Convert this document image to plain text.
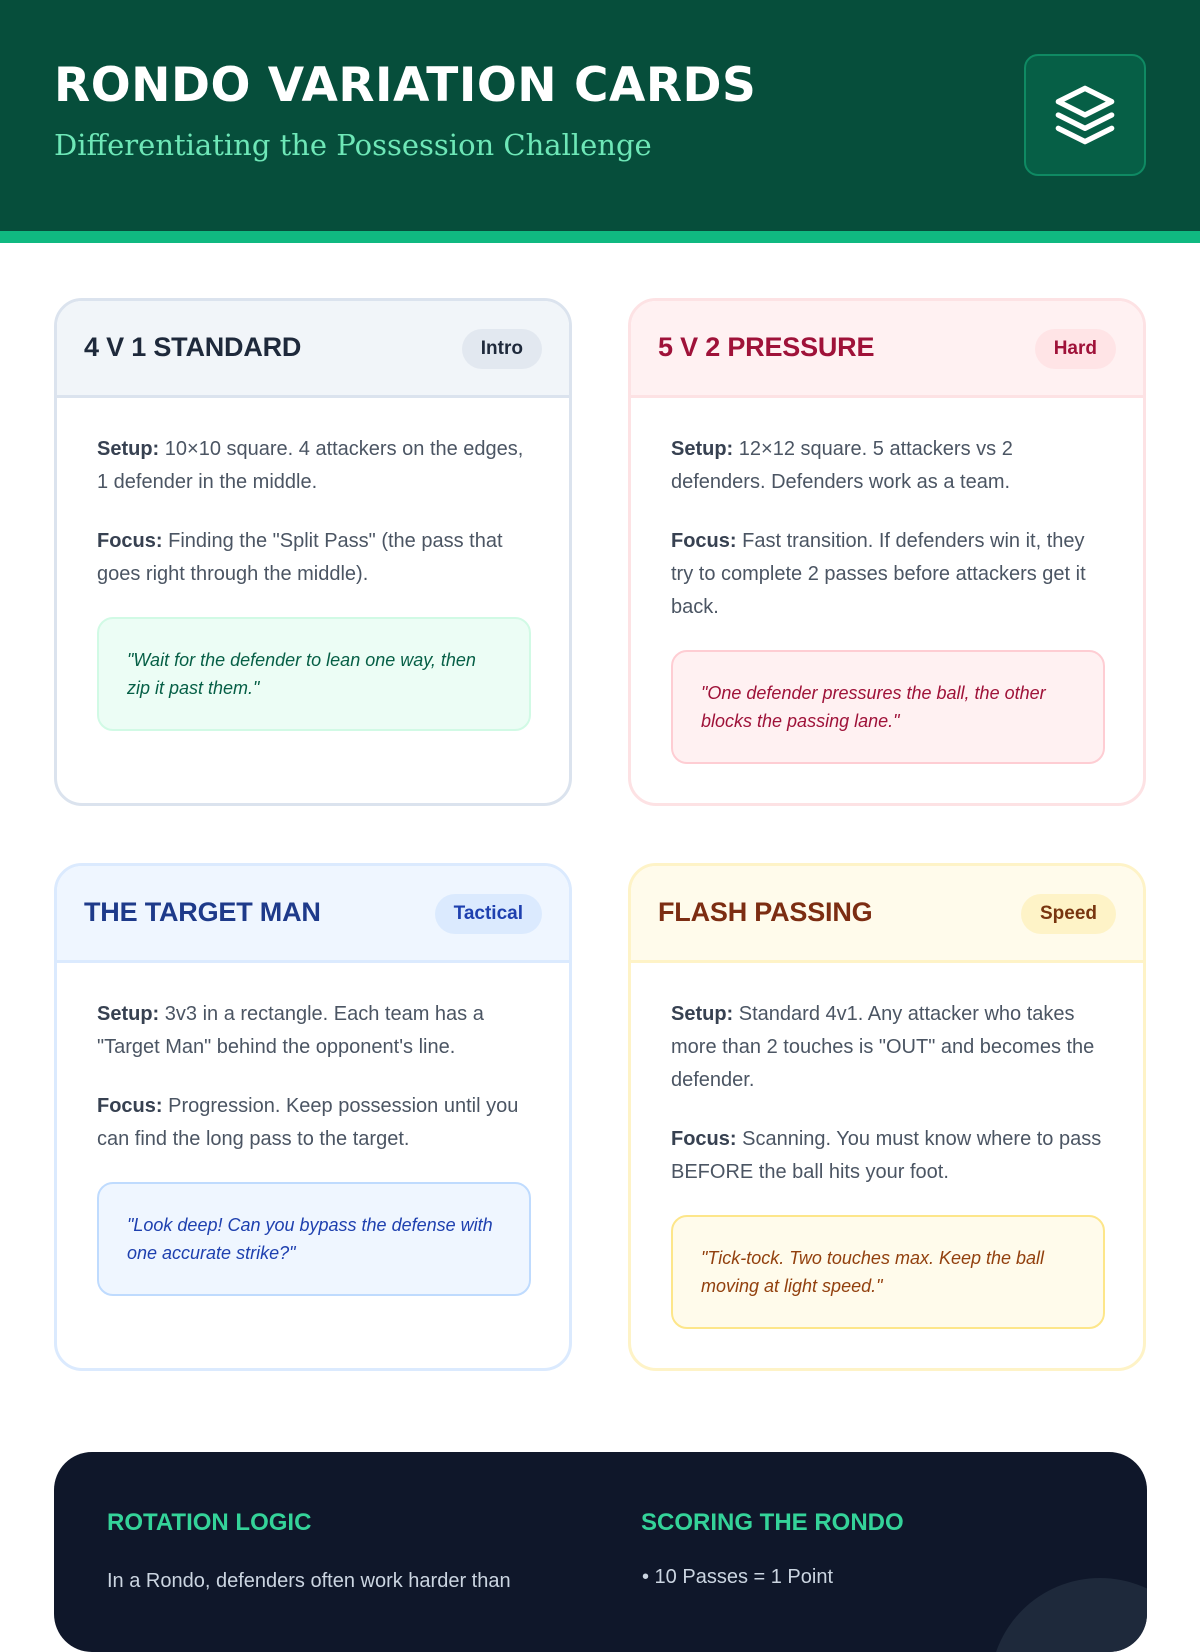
RONDO VARIATION CARDS
Differentiating the Possession Challenge
4 V 1 STANDARD	Intro

Setup: 10×10 square. 4 attackers on the edges, 1 defender in the middle.

Focus: Finding the "Split Pass" (the pass that goes right through the middle).

"Wait for the defender to lean one way, then zip it past them."
5 V 2 PRESSURE	Hard

Setup: 12×12 square. 5 attackers vs 2 defenders. Defenders work as a team.

Focus: Fast transition. If defenders win it, they try to complete 2 passes before attackers get it back.

"One defender pressures the ball, the other blocks the passing lane."
THE TARGET MAN	Tactical

Setup: 3v3 in a rectangle. Each team has a "Target Man" behind the opponent's line.

Focus: Progression. Keep possession until you can find the long pass to the target.

"Look deep! Can you bypass the defense with one accurate strike?"
FLASH PASSING	Speed

Setup: Standard 4v1. Any attacker who takes more than 2 touches is "OUT" and becomes the defender.

Focus: Scanning. You must know where to pass BEFORE the ball hits your foot.

"Tick-tock. Two touches max. Keep the ball moving at light speed."
ROTATION LOGIC
In a Rondo, defenders often work harder than
SCORING THE RONDO
• 10 Passes = 1 Point
